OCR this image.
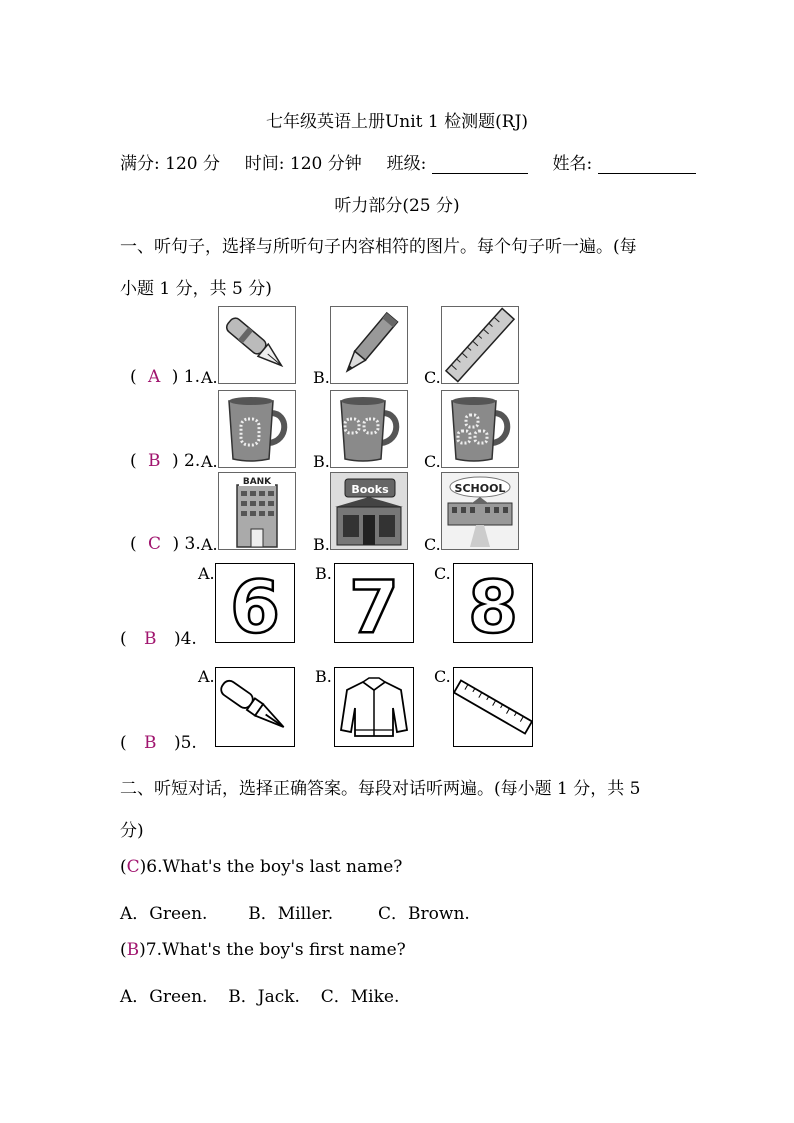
七年级英语上册Unit 1 检测题(RJ)
满分: 120 分 时间: 120 分钟 班级:	姓名:
听力部分(25 分)
一、听句子，选择与所听句子内容相符的图片。每个句子听一遍。(每
小题 1 分，共 5 分)
( A ) 1. A.	B.	C.
( B ) 2. A.	B.	C.
( C ) 3. A.
BANK
B.
Books
C.
SCHOOL
A. 6 B. 7 C. 8
( B )4.
A.	B.	C.
( B )5.
二、听短对话，选择正确答案。每段对话听两遍。(每小题 1 分，共 5
分)
(C)6.What's the boy's last name?
A．Green. B．Miller.	C．Brown.
(B)7.What's the boy's first name?
A．Green. B．Jack. C．Mike.
